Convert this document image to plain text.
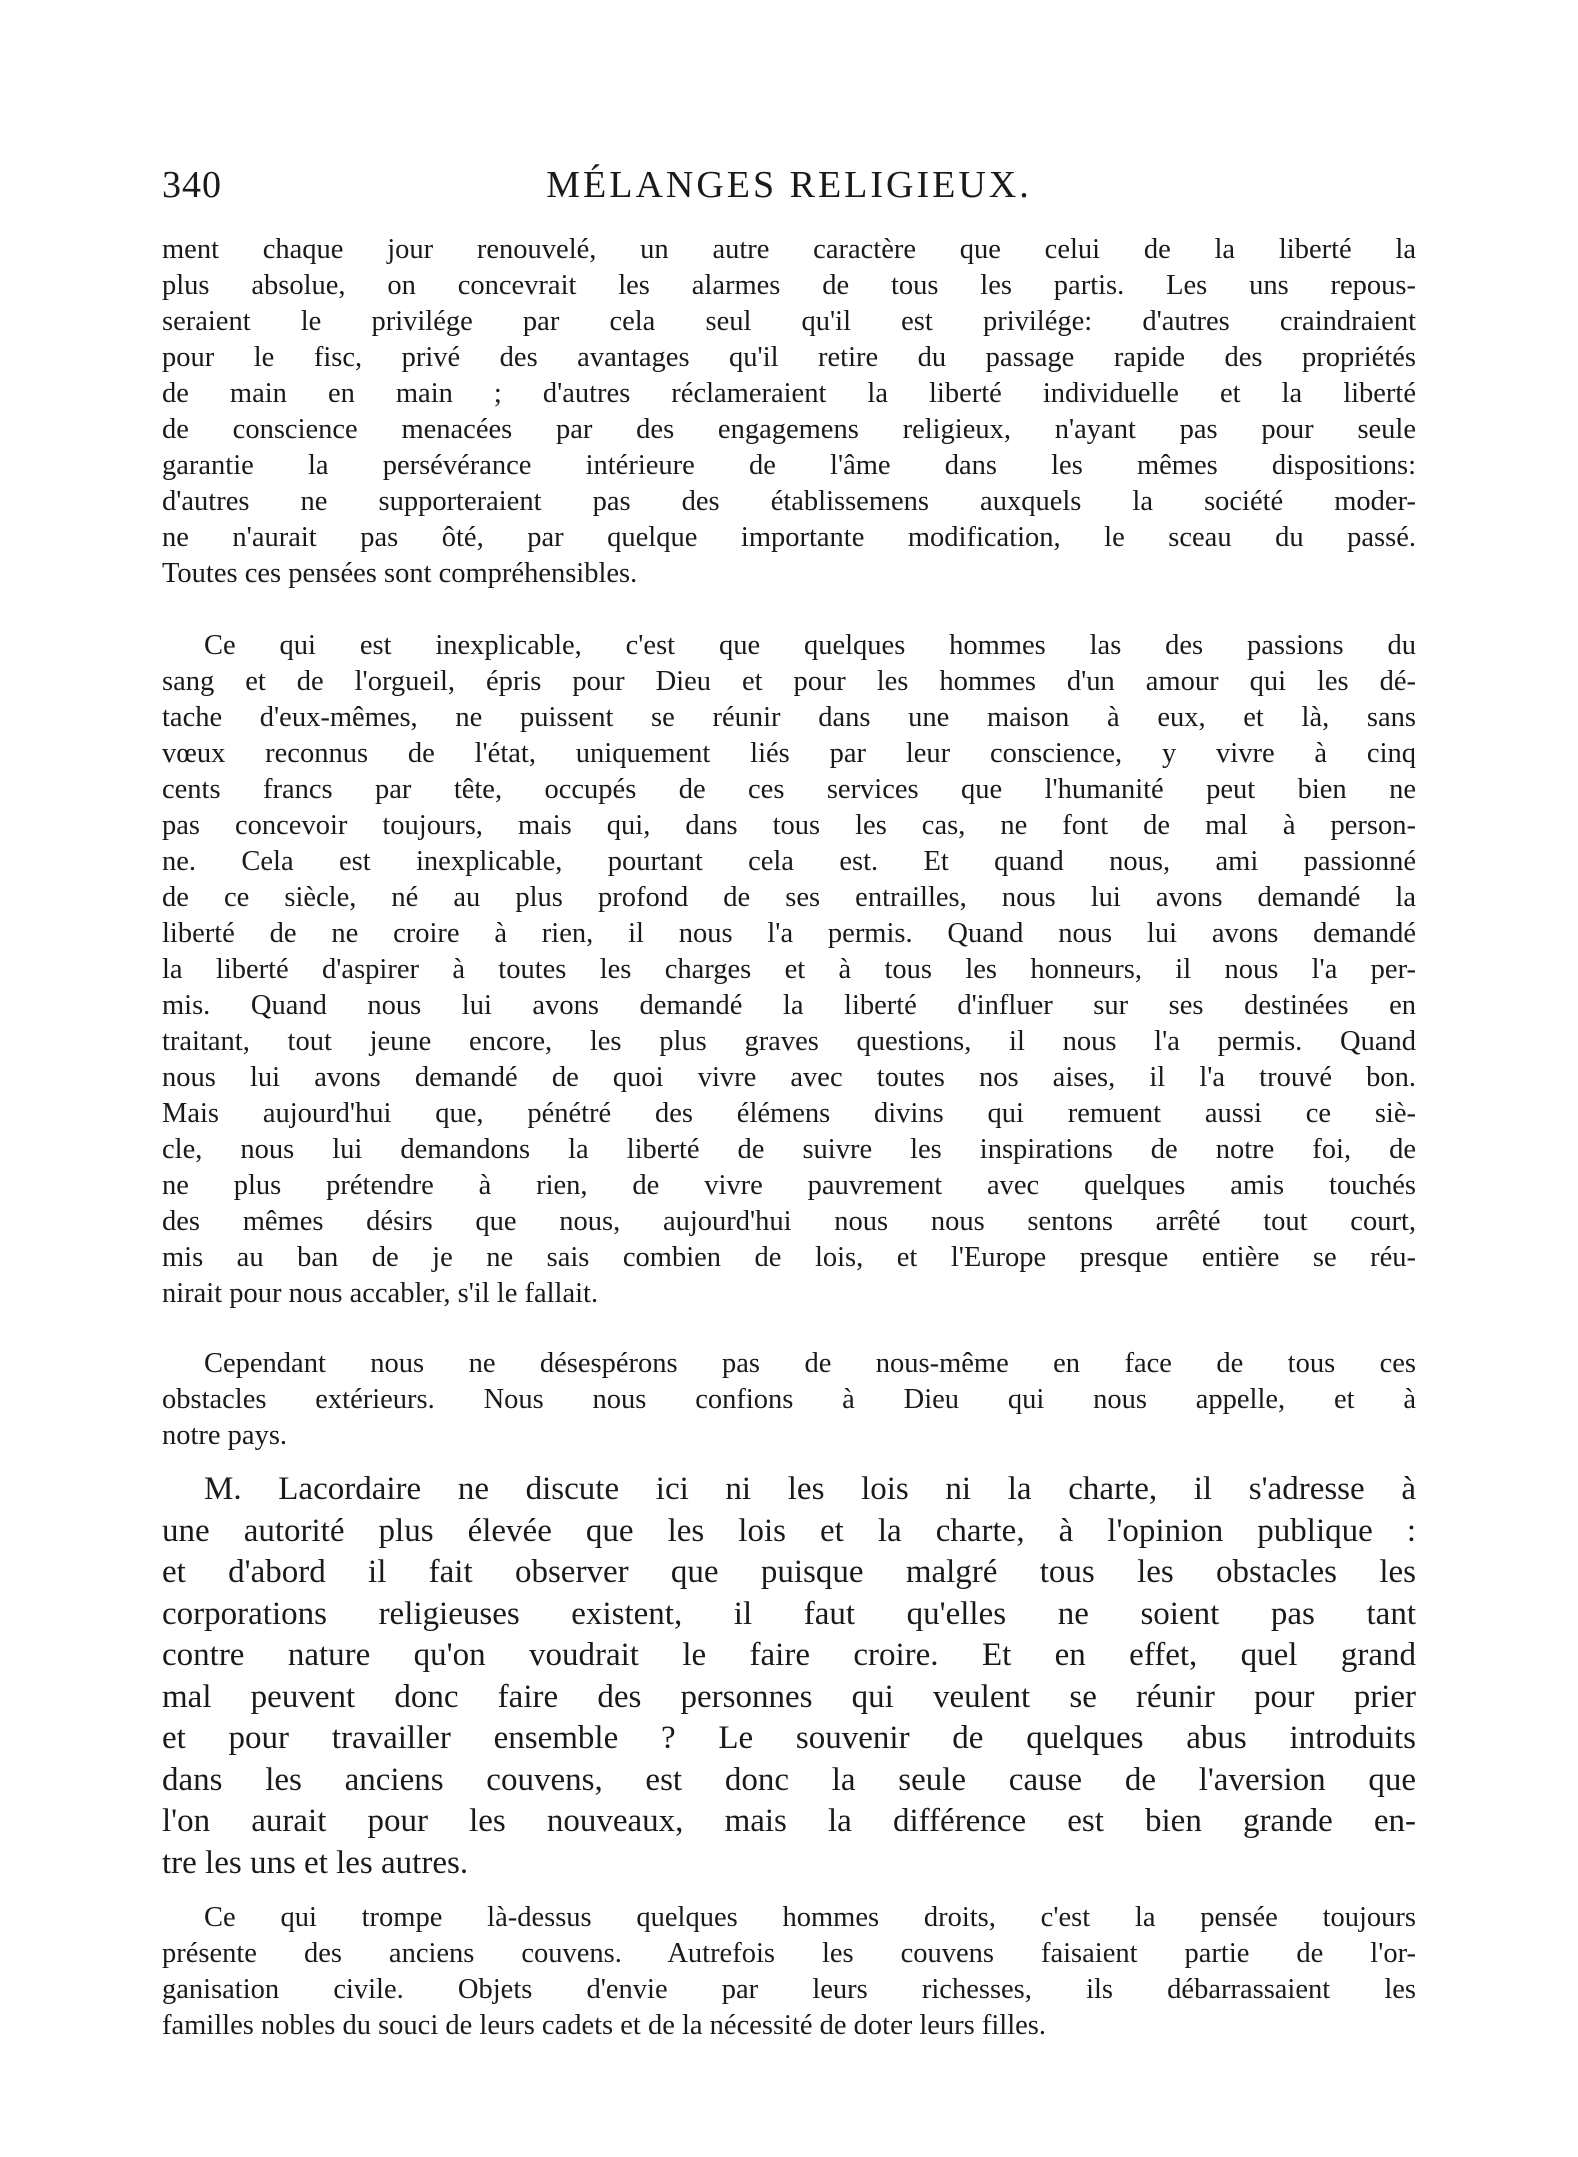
340	MÉLANGES RELIGIEUX.
ment chaque jour renouvelé, un autre caractère que celui de la liberté la
plus absolue, on concevrait les alarmes de tous les partis. Les uns repous-
seraient le privilége par cela seul qu'il est privilége: d'autres craindraient
pour le fisc, privé des avantages qu'il retire du passage rapide des propriétés
de main en main ; d'autres réclameraient la liberté individuelle et la liberté
de conscience menacées par des engagemens religieux, n'ayant pas pour seule
garantie la persévérance intérieure de l'âme dans les mêmes dispositions:
d'autres ne supporteraient pas des établissemens auxquels la société moder-
ne n'aurait pas ôté, par quelque importante modification, le sceau du passé.
Toutes ces pensées sont compréhensibles.
Ce qui est inexplicable, c'est que quelques hommes las des passions du
sang et de l'orgueil, épris pour Dieu et pour les hommes d'un amour qui les dé-
tache d'eux-mêmes, ne puissent se réunir dans une maison à eux, et là, sans
vœux reconnus de l'état, uniquement liés par leur conscience, y vivre à cinq
cents francs par tête, occupés de ces services que l'humanité peut bien ne
pas concevoir toujours, mais qui, dans tous les cas, ne font de mal à person-
ne. Cela est inexplicable, pourtant cela est. Et quand nous, ami passionné
de ce siècle, né au plus profond de ses entrailles, nous lui avons demandé la
liberté de ne croire à rien, il nous l'a permis. Quand nous lui avons demandé
la liberté d'aspirer à toutes les charges et à tous les honneurs, il nous l'a per-
mis. Quand nous lui avons demandé la liberté d'influer sur ses destinées en
traitant, tout jeune encore, les plus graves questions, il nous l'a permis. Quand
nous lui avons demandé de quoi vivre avec toutes nos aises, il l'a trouvé bon.
Mais aujourd'hui que, pénétré des élémens divins qui remuent aussi ce siè-
cle, nous lui demandons la liberté de suivre les inspirations de notre foi, de
ne plus prétendre à rien, de vivre pauvrement avec quelques amis touchés
des mêmes désirs que nous, aujourd'hui nous nous sentons arrêté tout court,
mis au ban de je ne sais combien de lois, et l'Europe presque entière se réu-
nirait pour nous accabler, s'il le fallait.
Cependant nous ne désespérons pas de nous-même en face de tous ces
obstacles extérieurs. Nous nous confions à Dieu qui nous appelle, et à
notre pays.
M. Lacordaire ne discute ici ni les lois ni la charte, il s'adresse à
une autorité plus élevée que les lois et la charte, à l'opinion publique :
et d'abord il fait observer que puisque malgré tous les obstacles les
corporations religieuses existent, il faut qu'elles ne soient pas tant
contre nature qu'on voudrait le faire croire. Et en effet, quel grand
mal peuvent donc faire des personnes qui veulent se réunir pour prier
et pour travailler ensemble ? Le souvenir de quelques abus introduits
dans les anciens couvens, est donc la seule cause de l'aversion que
l'on aurait pour les nouveaux, mais la différence est bien grande en-
tre les uns et les autres.
Ce qui trompe là-dessus quelques hommes droits, c'est la pensée toujours
présente des anciens couvens. Autrefois les couvens faisaient partie de l'or-
ganisation civile. Objets d'envie par leurs richesses, ils débarrassaient les
familles nobles du souci de leurs cadets et de la nécessité de doter leurs filles.
